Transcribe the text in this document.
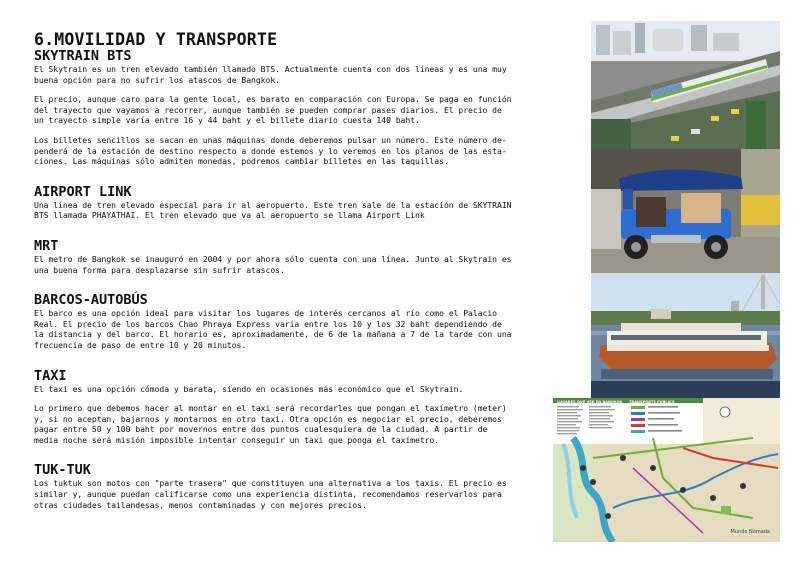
6.MOVILIDAD Y TRANSPORTE
SKYTRAIN BTS

El Skytrain es un tren elevado también llamado BTS. Actualmente cuenta con dos líneas y es una muy
buena opción para no sufrir los atascos de Bangkok.

El precio, aunque caro para la gente local, es barato en comparación con Europa. Se paga en función
del trayecto que vayamos a recorrer, aunque también se pueden comprar pases diarios. El precio de
un trayecto simple varía entre 16 y 44 baht y el billete diario cuesta 140 baht.

Los billetes sencillos se sacan en unas máquinas donde deberemos pulsar un número. Este número de-
penderá de la estación de destino respecto a donde estemos y lo veremos en los planos de las esta-
ciones. Las máquinas sólo admiten monedas, podremos cambiar billetes en las taquillas.

AIRPORT LINK

Una línea de tren elevado especial para ir al aeropuerto. Este tren sale de la estación de SKYTRAIN
BTS llamada PHAYATHAI. El tren elevado que va al aeropuerto se llama Airport Link

MRT

El metro de Bangkok se inauguró en 2004 y por ahora sólo cuenta con una línea. Junto al Skytrain es
una buena forma para desplazarse sin sufrir atascos.

BARCOS-AUTOBÚS

El barco es una opción ideal para visitar los lugares de interés cercanos al río como el Palacio
Real. El precio de los barcos Chao Phraya Express varía entre los 10 y los 32 baht dependiendo de
la distancia y del barco. El horario es, aproximadamente, de 6 de la mañana a 7 de la tarde con una
frecuencia de paso de entre 10 y 20 minutos.

TAXI

El taxi es una opción cómoda y barata, siendo en ocasiones más económico que el Skytrain.

Lo primero que debemos hacer al montar en el taxi será recordarles que pongan el taxímetro (meter)
y, si no aceptan, bajarnos y montarnos en otro taxi. Otra opción es negociar el precio, deberemos
pagar entre 50 y 100 baht por movernos entre dos puntos cualesquiera de la ciudad. A partir de
media noche será misión imposible intentar conseguir un taxi que ponga el taxímetro.

TUK-TUK

Los tuktuk son motos con "parte trasera" que constituyen una alternativa a los taxis. El precio es
similar y, aunque puedan calificarse como una experiencia distinta, recomendamos reservarlos para
otras ciudades tailandesas, menos contaminadas y con mejores precios.

LUGARES QUE VER EN BANGKOK TRANSPORTE PÚBLICO
Mundo Nómada
